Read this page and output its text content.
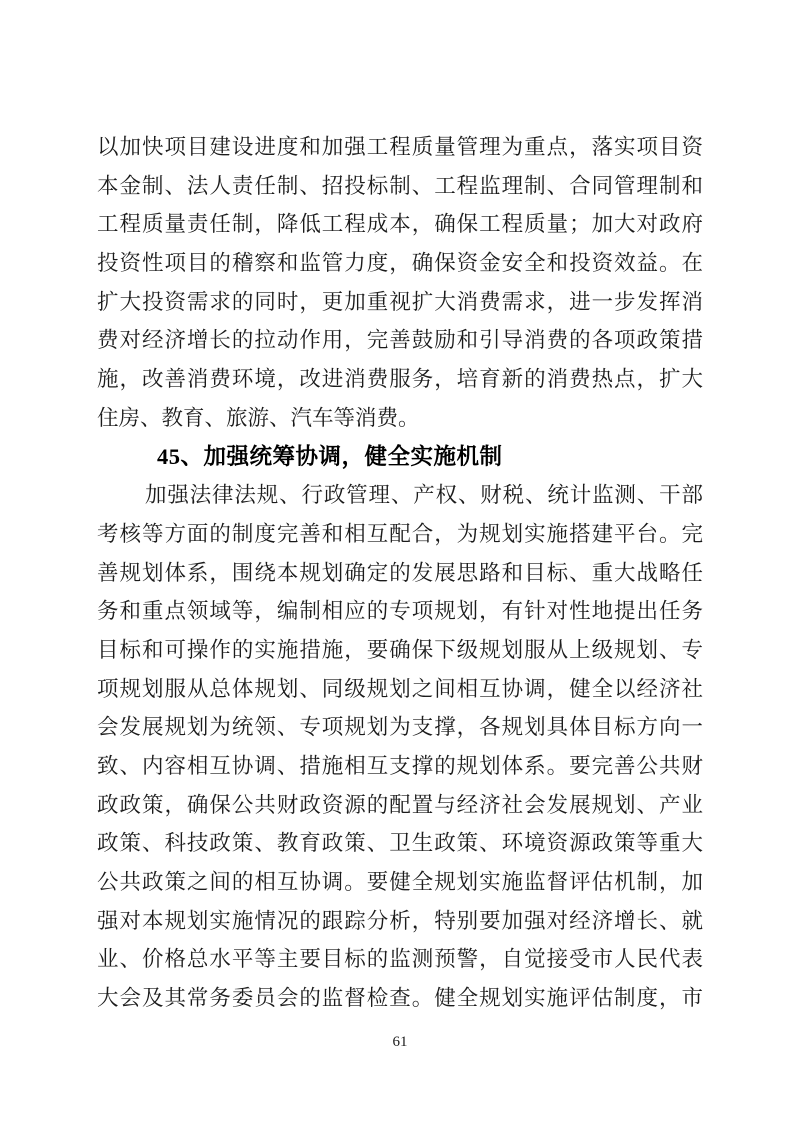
以加快项目建设进度和加强工程质量管理为重点，落实项目资
本金制、法人责任制、招投标制、工程监理制、合同管理制和
工程质量责任制，降低工程成本，确保工程质量；加大对政府
投资性项目的稽察和监管力度，确保资金安全和投资效益。在
扩大投资需求的同时，更加重视扩大消费需求，进一步发挥消
费对经济增长的拉动作用，完善鼓励和引导消费的各项政策措
施，改善消费环境，改进消费服务，培育新的消费热点，扩大
住房、教育、旅游、汽车等消费。
45、加强统筹协调，健全实施机制
加强法律法规、行政管理、产权、财税、统计监测、干部
考核等方面的制度完善和相互配合，为规划实施搭建平台。完
善规划体系，围绕本规划确定的发展思路和目标、重大战略任
务和重点领域等，编制相应的专项规划，有针对性地提出任务
目标和可操作的实施措施，要确保下级规划服从上级规划、专
项规划服从总体规划、同级规划之间相互协调，健全以经济社
会发展规划为统领、专项规划为支撑，各规划具体目标方向一
致、内容相互协调、措施相互支撑的规划体系。要完善公共财
政政策，确保公共财政资源的配置与经济社会发展规划、产业
政策、科技政策、教育政策、卫生政策、环境资源政策等重大
公共政策之间的相互协调。要健全规划实施监督评估机制，加
强对本规划实施情况的跟踪分析，特别要加强对经济增长、就
业、价格总水平等主要目标的监测预警，自觉接受市人民代表
大会及其常务委员会的监督检查。健全规划实施评估制度，市
61
